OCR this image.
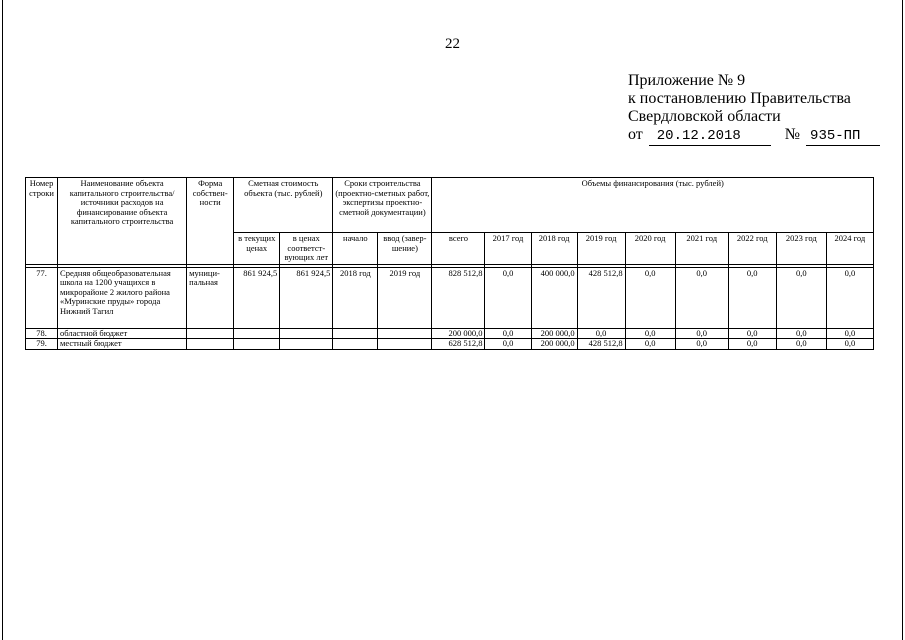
22
Приложение № 9
к постановлению Правительства
Свердловской области
от	20.12.2018	№ 935-ПП
Номер строки	Наименование объекта капитального строительства/ источники расходов на финансирование объекта капитального строительства	Форма собствен-ности	Сметная стоимость объекта (тыс. рублей)		Сроки строительства (проектно-сметных работ, экспертизы проектно-сметной документации)		Объемы финансирования (тыс. рублей)								
			в текущих ценах	в ценах соответст-вующих лет	начало	ввод (завер-шение)	всего	2017 год	2018 год	2019 год	2020 год	2021 год	2022 год	2023 год	2024 год

77.	Средняя общеобразовательная школа на 1200 учащихся в микрорайоне 2 жилого района «Муринские пруды» города Нижний Тагил	муници-пальная	861 924,5	861 924,5	2018 год	2019 год	828 512,8	0,0	400 000,0	428 512,8	0,0	0,0	0,0	0,0	0,0
78.	областной бюджет						200 000,0	0,0	200 000,0	0,0	0,0	0,0	0,0	0,0	0,0
79.	местный бюджет						628 512,8	0,0	200 000,0	428 512,8	0,0	0,0	0,0	0,0	0,0
